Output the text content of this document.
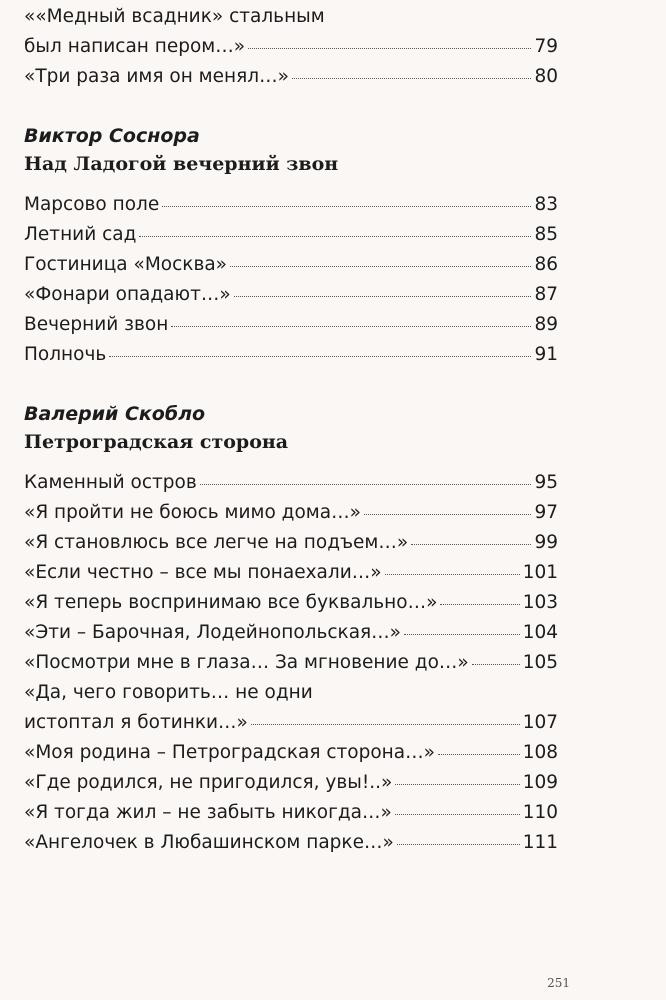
««Медный всадник» стальным
был написан пером…»	79
«Три раза имя он менял…»	80
Виктор Соснора
Над Ладогой вечерний звон
Марсово поле	83
Летний сад	85
Гостиница «Москва»	86
«Фонари опадают…»	87
Вечерний звон	89
Полночь	91
Валерий Скобло
Петроградская сторона
Каменный остров	95
«Я пройти не боюсь мимо дома…»	97
«Я становлюсь все легче на подъем…»	99
«Если честно – все мы понаехали…»	101
«Я теперь воспринимаю все буквально…»	103
«Эти – Барочная, Лодейнопольская…»	104
«Посмотри мне в глаза… За мгновение до…»	105
«Да, чего говорить… не одни
истоптал я ботинки…»	107
«Моя родина – Петроградская сторона…»	108
«Где родился, не пригодился, увы!..»	109
«Я тогда жил – не забыть никогда…»	110
«Ангелочек в Любашинском парке…»	111
251
